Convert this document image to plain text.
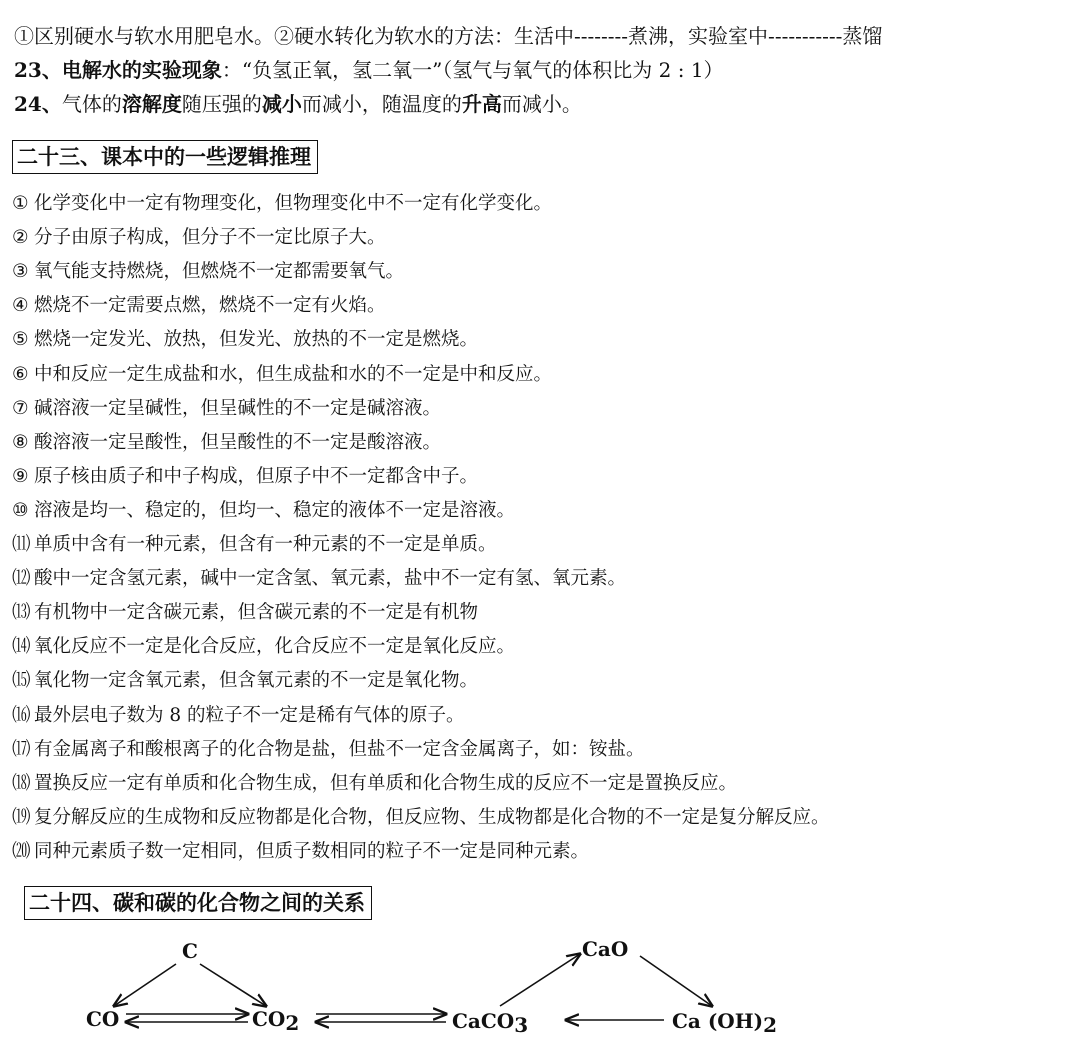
①区别硬水与软水用肥皂水。②硬水转化为软水的方法：生活中--------煮沸，实验室中-----------蒸馏
23、电解水的实验现象：“负氢正氧，氢二氧一”（氢气与氧气的体积比为 2 : 1）
24、气体的溶解度随压强的减小而减小，随温度的升高而减小。
二十三、课本中的一些逻辑推理
① 化学变化中一定有物理变化，但物理变化中不一定有化学变化。
② 分子由原子构成，但分子不一定比原子大。
③ 氧气能支持燃烧，但燃烧不一定都需要氧气。
④ 燃烧不一定需要点燃，燃烧不一定有火焰。
⑤ 燃烧一定发光、放热，但发光、放热的不一定是燃烧。
⑥ 中和反应一定生成盐和水，但生成盐和水的不一定是中和反应。
⑦ 碱溶液一定呈碱性，但呈碱性的不一定是碱溶液。
⑧ 酸溶液一定呈酸性，但呈酸性的不一定是酸溶液。
⑨ 原子核由质子和中子构成，但原子中不一定都含中子。
⑩ 溶液是均一、稳定的，但均一、稳定的液体不一定是溶液。
⑾ 单质中含有一种元素，但含有一种元素的不一定是单质。
⑿ 酸中一定含氢元素，碱中一定含氢、氧元素，盐中不一定有氢、氧元素。
⒀ 有机物中一定含碳元素，但含碳元素的不一定是有机物
⒁ 氧化反应不一定是化合反应，化合反应不一定是氧化反应。
⒂ 氧化物一定含氧元素，但含氧元素的不一定是氧化物。
⒃ 最外层电子数为 8 的粒子不一定是稀有气体的原子。
⒄ 有金属离子和酸根离子的化合物是盐，但盐不一定含金属离子，如：铵盐。
⒅ 置换反应一定有单质和化合物生成，但有单质和化合物生成的反应不一定是置换反应。
⒆ 复分解反应的生成物和反应物都是化合物，但反应物、生成物都是化合物的不一定是复分解反应。
⒇ 同种元素质子数一定相同，但质子数相同的粒子不一定是同种元素。
二十四、碳和碳的化合物之间的关系
C
CO	CO2	CaCO3
CaO
Ca (OH)2
